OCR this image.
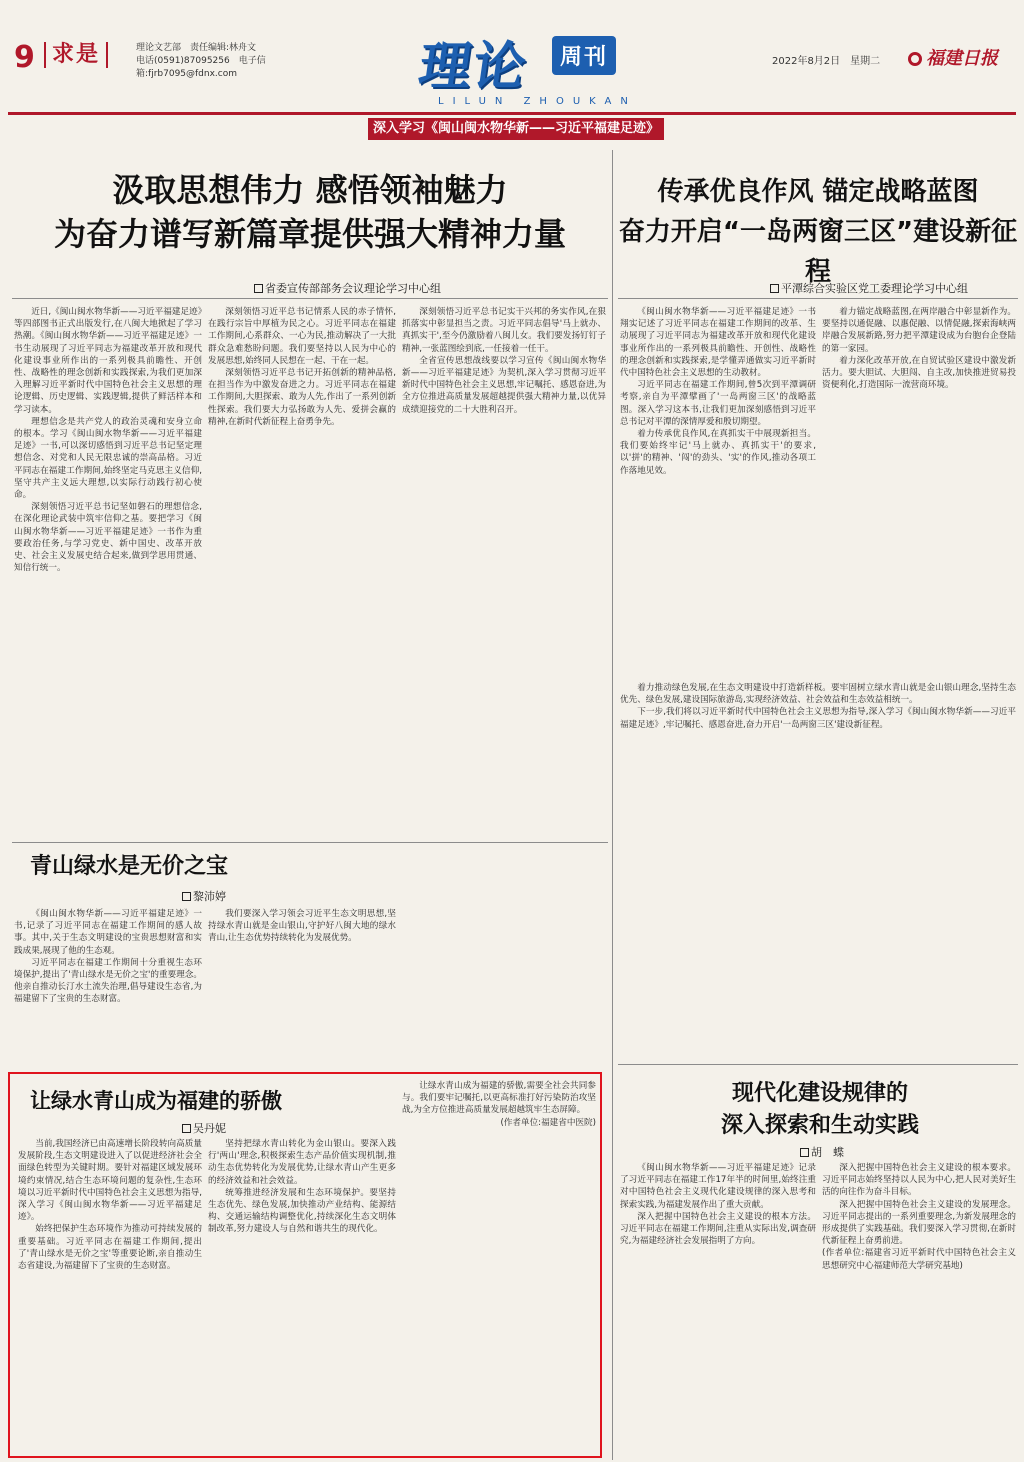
9 求是	理论文艺部　责任编辑:林舟文
电话(0591)87095256　电子信箱:fjrb7095@fdnx.com	理论	周刊
LILUN ZHOUKAN
2022年8月2日　星期二	福建日报
深入学习《闽山闽水物华新——习近平福建足迹》
汲取思想伟力 感悟领袖魅力
为奋力谱写新篇章提供强大精神力量
省委宣传部部务会议理论学习中心组

近日,《闽山闽水物华新——习近平福建足迹》等四部图书正式出版发行,在八闽大地掀起了学习热潮。《闽山闽水物华新——习近平福建足迹》一书生动展现了习近平同志为福建改革开放和现代化建设事业所作出的一系列极具前瞻性、开创性、战略性的理念创新和实践探索,为我们更加深入理解习近平新时代中国特色社会主义思想的理论逻辑、历史逻辑、实践逻辑,提供了鲜活样本和学习读本。

理想信念是共产党人的政治灵魂和安身立命的根本。学习《闽山闽水物华新——习近平福建足迹》一书,可以深切感悟到习近平总书记坚定理想信念、对党和人民无限忠诚的崇高品格。习近平同志在福建工作期间,始终坚定马克思主义信仰,坚守共产主义远大理想,以实际行动践行初心使命。

深刻领悟习近平总书记坚如磐石的理想信念,在深化理论武装中筑牢信仰之基。要把学习《闽山闽水物华新——习近平福建足迹》一书作为重要政治任务,与学习党史、新中国史、改革开放史、社会主义发展史结合起来,做到学思用贯通、知信行统一。

深刻领悟习近平总书记情系人民的赤子情怀,在践行宗旨中厚植为民之心。习近平同志在福建工作期间,心系群众、一心为民,推动解决了一大批群众急难愁盼问题。我们要坚持以人民为中心的发展思想,始终同人民想在一起、干在一起。

深刻领悟习近平总书记开拓创新的精神品格,在担当作为中激发奋进之力。习近平同志在福建工作期间,大胆探索、敢为人先,作出了一系列创新性探索。我们要大力弘扬敢为人先、爱拼会赢的精神,在新时代新征程上奋勇争先。

深刻领悟习近平总书记实干兴邦的务实作风,在狠抓落实中彰显担当之责。习近平同志倡导'马上就办、真抓实干',至今仍激励着八闽儿女。我们要发扬钉钉子精神,一张蓝图绘到底,一任接着一任干。

全省宣传思想战线要以学习宣传《闽山闽水物华新——习近平福建足迹》为契机,深入学习贯彻习近平新时代中国特色社会主义思想,牢记嘱托、感恩奋进,为全方位推进高质量发展超越提供强大精神力量,以优异成绩迎接党的二十大胜利召开。

传承优良作风 锚定战略蓝图
奋力开启“一岛两窗三区”建设新征程
平潭综合实验区党工委理论学习中心组

《闽山闽水物华新——习近平福建足迹》一书翔实记述了习近平同志在福建工作期间的改革、生动展现了习近平同志为福建改革开放和现代化建设事业所作出的一系列极具前瞻性、开创性、战略性的理念创新和实践探索,是学懂弄通做实习近平新时代中国特色社会主义思想的生动教材。

习近平同志在福建工作期间,曾5次到平潭调研考察,亲自为平潭擘画了'一岛两窗三区'的战略蓝图。深入学习这本书,让我们更加深刻感悟到习近平总书记对平潭的深情厚爱和殷切期望。

着力传承优良作风,在真抓实干中展现新担当。我们要始终牢记'马上就办、真抓实干'的要求,以'拼'的精神、'闯'的劲头、'实'的作风,推动各项工作落地见效。

着力锚定战略蓝图,在两岸融合中彰显新作为。要坚持以通促融、以惠促融、以情促融,探索海峡两岸融合发展新路,努力把平潭建设成为台胞台企登陆的第一家园。

着力深化改革开放,在自贸试验区建设中激发新活力。要大胆试、大胆闯、自主改,加快推进贸易投资便利化,打造国际一流营商环境。

着力推动绿色发展,在生态文明建设中打造新样板。要牢固树立绿水青山就是金山银山理念,坚持生态优先、绿色发展,建设国际旅游岛,实现经济效益、社会效益和生态效益相统一。

下一步,我们将以习近平新时代中国特色社会主义思想为指导,深入学习《闽山闽水物华新——习近平福建足迹》,牢记嘱托、感恩奋进,奋力开启'一岛两窗三区'建设新征程。

青山绿水是无价之宝
黎沛婷

《闽山闽水物华新——习近平福建足迹》一书,记录了习近平同志在福建工作期间的感人故事。其中,关于生态文明建设的宝贵思想财富和实践成果,展现了他的生态观。

习近平同志在福建工作期间十分重视生态环境保护,提出了'青山绿水是无价之宝'的重要理念。他亲自推动长汀水土流失治理,倡导建设生态省,为福建留下了宝贵的生态财富。

我们要深入学习领会习近平生态文明思想,坚持绿水青山就是金山银山,守护好八闽大地的绿水青山,让生态优势持续转化为发展优势。

让绿水青山成为福建的骄傲
吴丹妮

当前,我国经济已由高速增长阶段转向高质量发展阶段,生态文明建设进入了以促进经济社会全面绿色转型为关键时期。要针对福建区域发展环境约束情况,结合生态环境问题的复杂性,生态环境以习近平新时代中国特色社会主义思想为指导,深入学习《闽山闽水物华新——习近平福建足迹》。

始终把保护生态环境作为推动可持续发展的重要基础。习近平同志在福建工作期间,提出了'青山绿水是无价之宝'等重要论断,亲自推动生态省建设,为福建留下了宝贵的生态财富。

坚持把绿水青山转化为金山银山。要深入践行'两山'理念,积极探索生态产品价值实现机制,推动生态优势转化为发展优势,让绿水青山产生更多的经济效益和社会效益。

统筹推进经济发展和生态环境保护。要坚持生态优先、绿色发展,加快推动产业结构、能源结构、交通运输结构调整优化,持续深化生态文明体制改革,努力建设人与自然和谐共生的现代化。

让绿水青山成为福建的骄傲,需要全社会共同参与。我们要牢记嘱托,以更高标准打好污染防治攻坚战,为全方位推进高质量发展超越筑牢生态屏障。

(作者单位:福建省中医院)

现代化建设规律的
深入探索和生动实践
胡　蝶

《闽山闽水物华新——习近平福建足迹》记录了习近平同志在福建工作17年半的时间里,始终注重对中国特色社会主义现代化建设规律的深入思考和探索实践,为福建发展作出了重大贡献。

深入把握中国特色社会主义建设的根本方法。习近平同志在福建工作期间,注重从实际出发,调查研究,为福建经济社会发展指明了方向。

深入把握中国特色社会主义建设的根本要求。习近平同志始终坚持以人民为中心,把人民对美好生活的向往作为奋斗目标。

深入把握中国特色社会主义建设的发展理念。习近平同志提出的一系列重要理念,为新发展理念的形成提供了实践基础。我们要深入学习贯彻,在新时代新征程上奋勇前进。

(作者单位:福建省习近平新时代中国特色社会主义思想研究中心福建师范大学研究基地)
